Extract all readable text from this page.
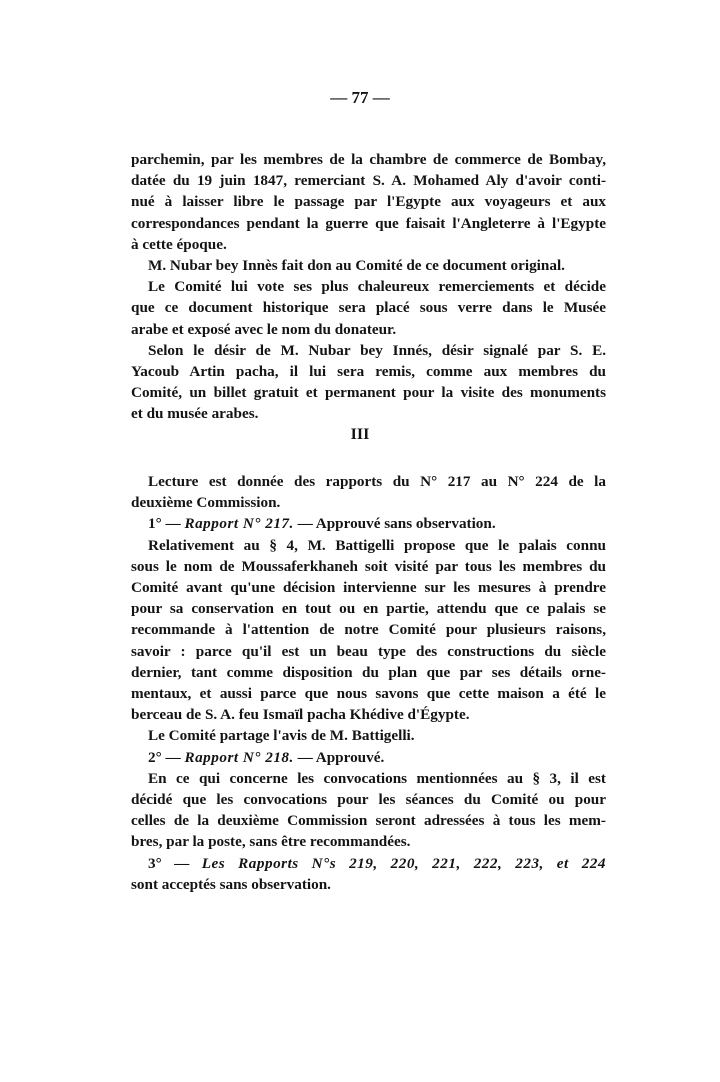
— 77 —
parchemin, par les membres de la chambre de commerce de Bombay,
datée du 19 juin 1847, remerciant S. A. Mohamed Aly d'avoir conti-
nué à laisser libre le passage par l'Egypte aux voyageurs et aux
correspondances pendant la guerre que faisait l'Angleterre à l'Egypte
à cette époque.
M. Nubar bey Innès fait don au Comité de ce document original.
Le Comité lui vote ses plus chaleureux remerciements et décide
que ce document historique sera placé sous verre dans le Musée
arabe et exposé avec le nom du donateur.
Selon le désir de M. Nubar bey Innés, désir signalé par S. E.
Yacoub Artin pacha, il lui sera remis, comme aux membres du
Comité, un billet gratuit et permanent pour la visite des monuments
et du musée arabes.
III
Lecture est donnée des rapports du N° 217 au N° 224 de la
deuxième Commission.
1° — Rapport N° 217. — Approuvé sans observation.
Relativement au § 4, M. Battigelli propose que le palais connu
sous le nom de Moussaferkhaneh soit visité par tous les membres du
Comité avant qu'une décision intervienne sur les mesures à prendre
pour sa conservation en tout ou en partie, attendu que ce palais se
recommande à l'attention de notre Comité pour plusieurs raisons,
savoir : parce qu'il est un beau type des constructions du siècle
dernier, tant comme disposition du plan que par ses détails orne-
mentaux, et aussi parce que nous savons que cette maison a été le
berceau de S. A. feu Ismaïl pacha Khédive d'Égypte.
Le Comité partage l'avis de M. Battigelli.
2° — Rapport N° 218. — Approuvé.
En ce qui concerne les convocations mentionnées au § 3, il est
décidé que les convocations pour les séances du Comité ou pour
celles de la deuxième Commission seront adressées à tous les mem-
bres, par la poste, sans être recommandées.
3° — Les Rapports N°s 219, 220, 221, 222, 223, et 224
sont acceptés sans observation.
